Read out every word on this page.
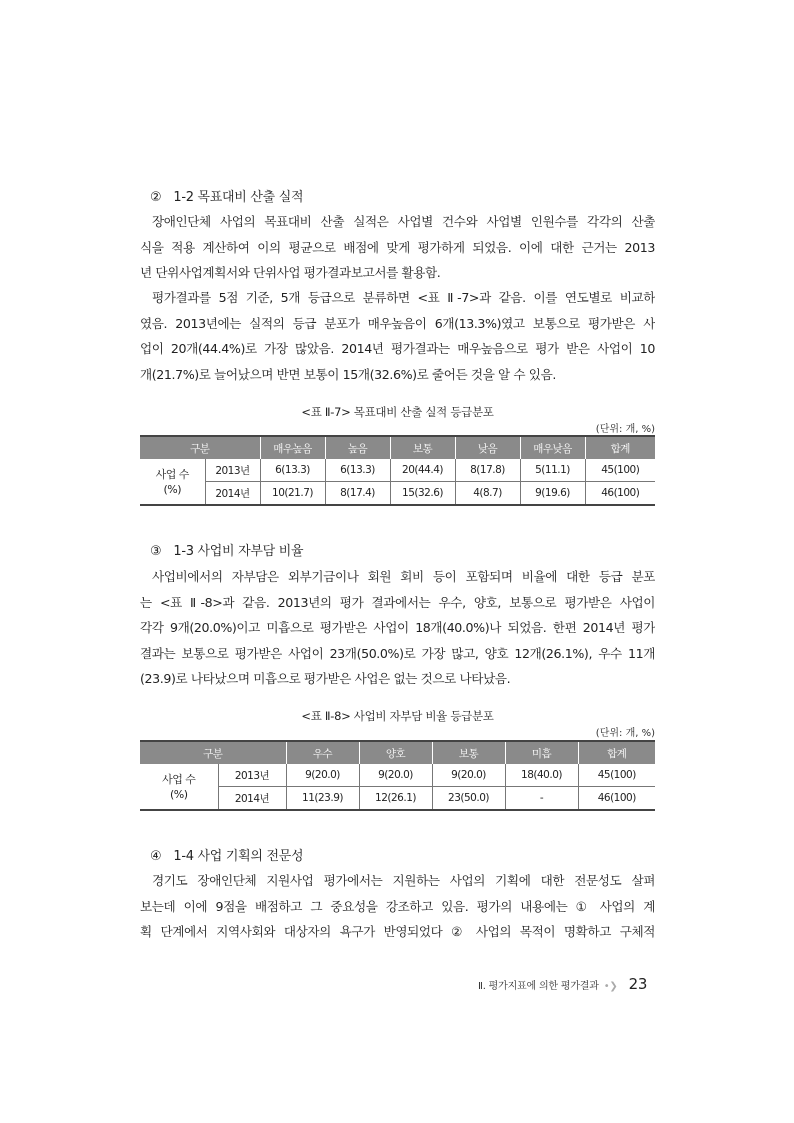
② 1-2 목표대비 산출 실적
장애인단체 사업의 목표대비 산출 실적은 사업별 건수와 사업별 인원수를 각각의 산출
식을 적용 계산하여 이의 평균으로 배점에 맞게 평가하게 되었음. 이에 대한 근거는 2013
년 단위사업계획서와 단위사업 평가결과보고서를 활용함.
평가결과를 5점 기준, 5개 등급으로 분류하면 <표 Ⅱ-7>과 같음. 이를 연도별로 비교하
였음. 2013년에는 실적의 등급 분포가 매우높음이 6개(13.3%)였고 보통으로 평가받은 사
업이 20개(44.4%)로 가장 많았음. 2014년 평가결과는 매우높음으로 평가 받은 사업이 10
개(21.7%)로 늘어났으며 반면 보통이 15개(32.6%)로 줄어든 것을 알 수 있음.
<표 Ⅱ-7> 목표대비 산출 실적 등급분포
(단위: 개, %)
구분		매우높음	높음	보통	낮음	매우낮음	합계
사업 수
(%)	2013년	6(13.3)	6(13.3)	20(44.4)	8(17.8)	5(11.1)	45(100)
	2014년	10(21.7)	8(17.4)	15(32.6)	4(8.7)	9(19.6)	46(100)
③ 1-3 사업비 자부담 비율
사업비에서의 자부담은 외부기금이나 회원 회비 등이 포함되며 비율에 대한 등급 분포
는 <표 Ⅱ-8>과 같음. 2013년의 평가 결과에서는 우수, 양호, 보통으로 평가받은 사업이
각각 9개(20.0%)이고 미흡으로 평가받은 사업이 18개(40.0%)나 되었음. 한편 2014년 평가
결과는 보통으로 평가받은 사업이 23개(50.0%)로 가장 많고, 양호 12개(26.1%), 우수 11개
(23.9)로 나타났으며 미흡으로 평가받은 사업은 없는 것으로 나타났음.
<표 Ⅱ-8> 사업비 자부담 비율 등급분포
(단위: 개, %)
구분		우수	양호	보통	미흡	합계
사업 수
(%)	2013년	9(20.0)	9(20.0)	9(20.0)	18(40.0)	45(100)
	2014년	11(23.9)	12(26.1)	23(50.0)	-	46(100)
④ 1-4 사업 기획의 전문성
경기도 장애인단체 지원사업 평가에서는 지원하는 사업의 기획에 대한 전문성도 살펴
보는데 이에 9점을 배점하고 그 중요성을 강조하고 있음. 평가의 내용에는 ① 사업의 계
획 단계에서 지역사회와 대상자의 욕구가 반영되었다 ② 사업의 목적이 명확하고 구체적
Ⅱ. 평가지표에 의한 평가결과 •❯ 23
